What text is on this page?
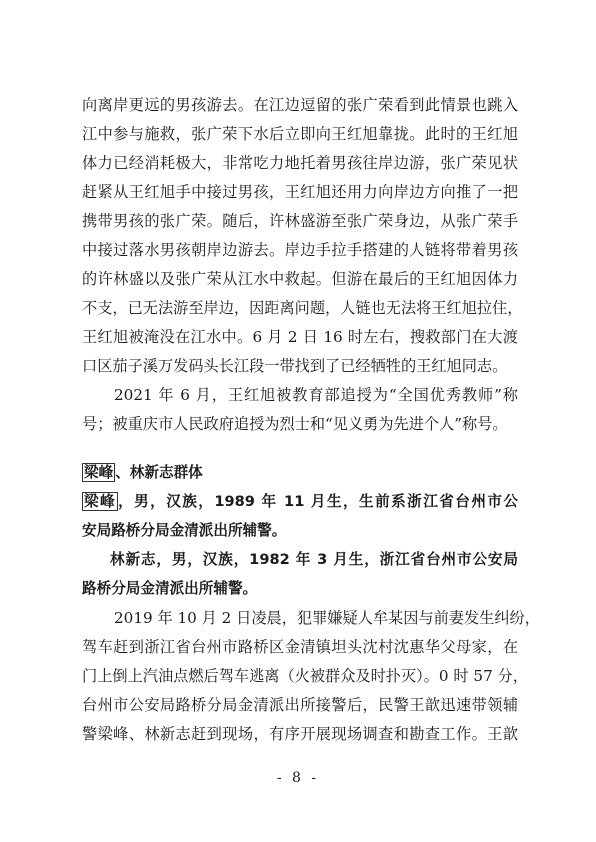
向离岸更远的男孩游去。在江边逗留的张广荣看到此情景也跳入
江中参与施救，张广荣下水后立即向王红旭靠拢。此时的王红旭
体力已经消耗极大，非常吃力地托着男孩往岸边游，张广荣见状
赶紧从王红旭手中接过男孩，王红旭还用力向岸边方向推了一把
携带男孩的张广荣。随后，许林盛游至张广荣身边，从张广荣手
中接过落水男孩朝岸边游去。岸边手拉手搭建的人链将带着男孩
的许林盛以及张广荣从江水中救起。但游在最后的王红旭因体力
不支，已无法游至岸边，因距离问题，人链也无法将王红旭拉住，
王红旭被淹没在江水中。6 月 2 日 16 时左右，搜救部门在大渡
口区茄子溪万发码头长江段一带找到了已经牺牲的王红旭同志。
2021 年 6 月，王红旭被教育部追授为“全国优秀教师”称
号；被重庆市人民政府追授为烈士和“见义勇为先进个人”称号。
梁峰 、林新志群体
梁峰 ，男，汉族，1989 年 11 月生，生前系浙江省台州市公
安局路桥分局金清派出所辅警。
林新志，男，汉族，1982 年 3 月生，浙江省台州市公安局
路桥分局金清派出所辅警。
2019 年 10 月 2 日凌晨，犯罪嫌疑人牟某因与前妻发生纠纷，
驾车赶到浙江省台州市路桥区金清镇坦头沈村沈惠华父母家，在
门上倒上汽油点燃后驾车逃离（火被群众及时扑灭）。0 时 57 分，
台州市公安局路桥分局金清派出所接警后，民警王歆迅速带领辅
警梁峰、林新志赶到现场，有序开展现场调查和勘查工作。王歆
- 8 -
